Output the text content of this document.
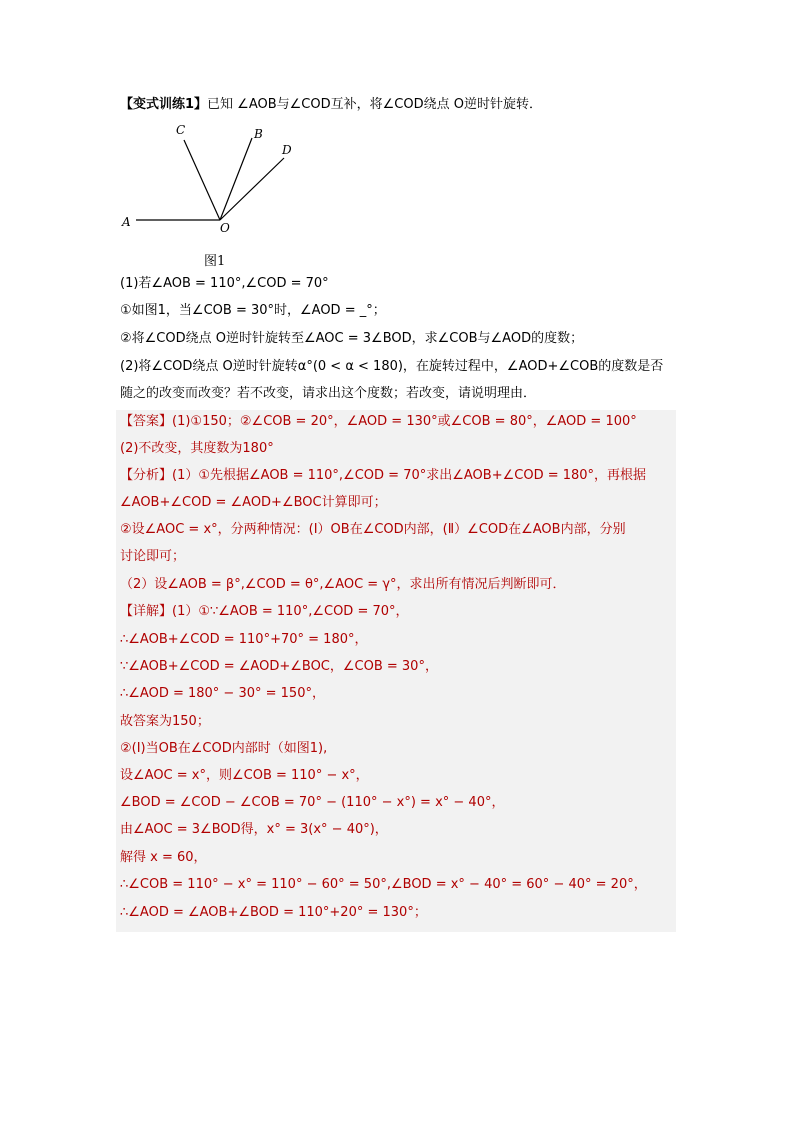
【变式训练1】已知 ∠AOB与∠COD互补，将∠COD绕点 O逆时针旋转．
A	O
B
C
D
图1
(1)若∠AOB = 110°,∠COD = 70°
①如图1，当∠COB = 30°时，∠AOD = _°；
②将∠COD绕点 O逆时针旋转至∠AOC = 3∠BOD，求∠COB与∠AOD的度数；
(2)将∠COD绕点 O逆时针旋转α°(0 < α < 180)，在旋转过程中，∠AOD+∠COB的度数是否
随之的改变而改变？若不改变，请求出这个度数；若改变，请说明理由．
【答案】(1)①150；②∠COB = 20°，∠AOD = 130°或∠COB = 80°，∠AOD = 100°
(2)不改变，其度数为180°
【分析】(1）①先根据∠AOB = 110°,∠COD = 70°求出∠AOB+∠COD = 180°，再根据
∠AOB+∠COD = ∠AOD+∠BOC计算即可；
②设∠AOC = x°，分两种情况：(Ⅰ）OB在∠COD内部，(Ⅱ）∠COD在∠AOB内部，分别
讨论即可；
（2）设∠AOB = β°,∠COD = θ°,∠AOC = γ°，求出所有情况后判断即可．
【详解】(1）①∵∠AOB = 110°,∠COD = 70°，
∴∠AOB+∠COD = 110°+70° = 180°，
∵∠AOB+∠COD = ∠AOD+∠BOC，∠COB = 30°，
∴∠AOD = 180° − 30° = 150°，
故答案为150；
②(Ⅰ)当OB在∠COD内部时（如图1),
设∠AOC = x°，则∠COB = 110° − x°，
∠BOD = ∠COD − ∠COB = 70° − (110° − x°) = x° − 40°，
由∠AOC = 3∠BOD得，x° = 3(x° − 40°)，
解得 x = 60，
∴∠COB = 110° − x° = 110° − 60° = 50°,∠BOD = x° − 40° = 60° − 40° = 20°，
∴∠AOD = ∠AOB+∠BOD = 110°+20° = 130°；
